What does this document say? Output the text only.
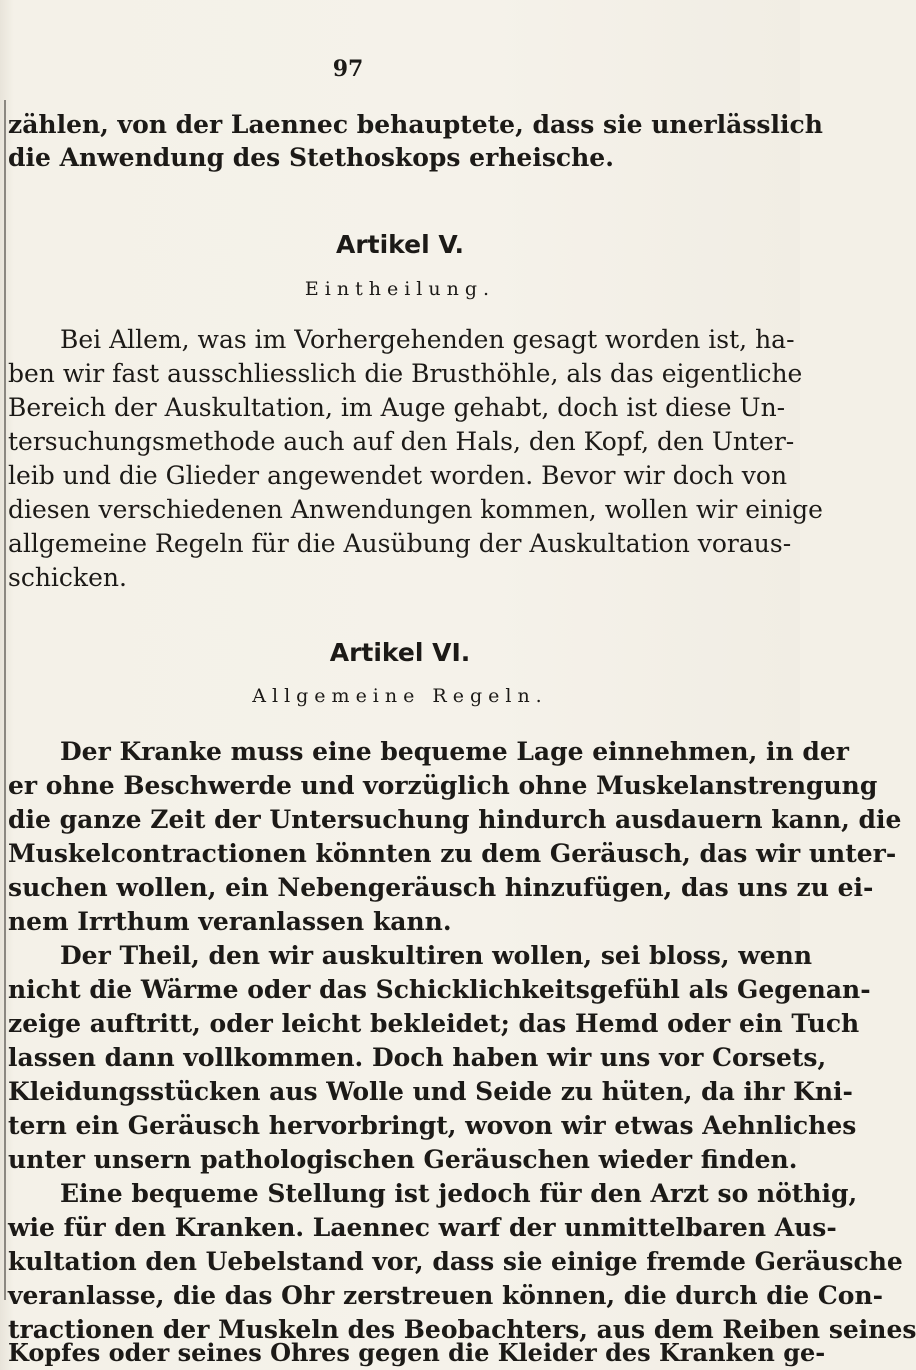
97
zählen, von der Laennec behauptete, dass sie unerlässlich
die Anwendung des Stethoskops erheische.
Artikel V.
Eintheilung.
Bei Allem, was im Vorhergehenden gesagt worden ist, ha-
ben wir fast ausschliesslich die Brusthöhle, als das eigentliche
Bereich der Auskultation, im Auge gehabt, doch ist diese Un-
tersuchungsmethode auch auf den Hals, den Kopf, den Unter-
leib und die Glieder angewendet worden. Bevor wir doch von
diesen verschiedenen Anwendungen kommen, wollen wir einige
allgemeine Regeln für die Ausübung der Auskultation voraus-
schicken.
Artikel VI.
Allgemeine Regeln.
Der Kranke muss eine bequeme Lage einnehmen, in der
er ohne Beschwerde und vorzüglich ohne Muskelanstrengung
die ganze Zeit der Untersuchung hindurch ausdauern kann, die
Muskelcontractionen könnten zu dem Geräusch, das wir unter-
suchen wollen, ein Nebengeräusch hinzufügen, das uns zu ei-
nem Irrthum veranlassen kann.
Der Theil, den wir auskultiren wollen, sei bloss, wenn
nicht die Wärme oder das Schicklichkeitsgefühl als Gegenan-
zeige auftritt, oder leicht bekleidet; das Hemd oder ein Tuch
lassen dann vollkommen. Doch haben wir uns vor Corsets,
Kleidungsstücken aus Wolle und Seide zu hüten, da ihr Kni-
tern ein Geräusch hervorbringt, wovon wir etwas Aehnliches
unter unsern pathologischen Geräuschen wieder finden.
Eine bequeme Stellung ist jedoch für den Arzt so nöthig,
wie für den Kranken. Laennec warf der unmittelbaren Aus-
kultation den Uebelstand vor, dass sie einige fremde Geräusche
veranlasse, die das Ohr zerstreuen können, die durch die Con-
tractionen der Muskeln des Beobachters, aus dem Reiben seines
Kopfes oder seines Ohres gegen die Kleider des Kranken ge-
